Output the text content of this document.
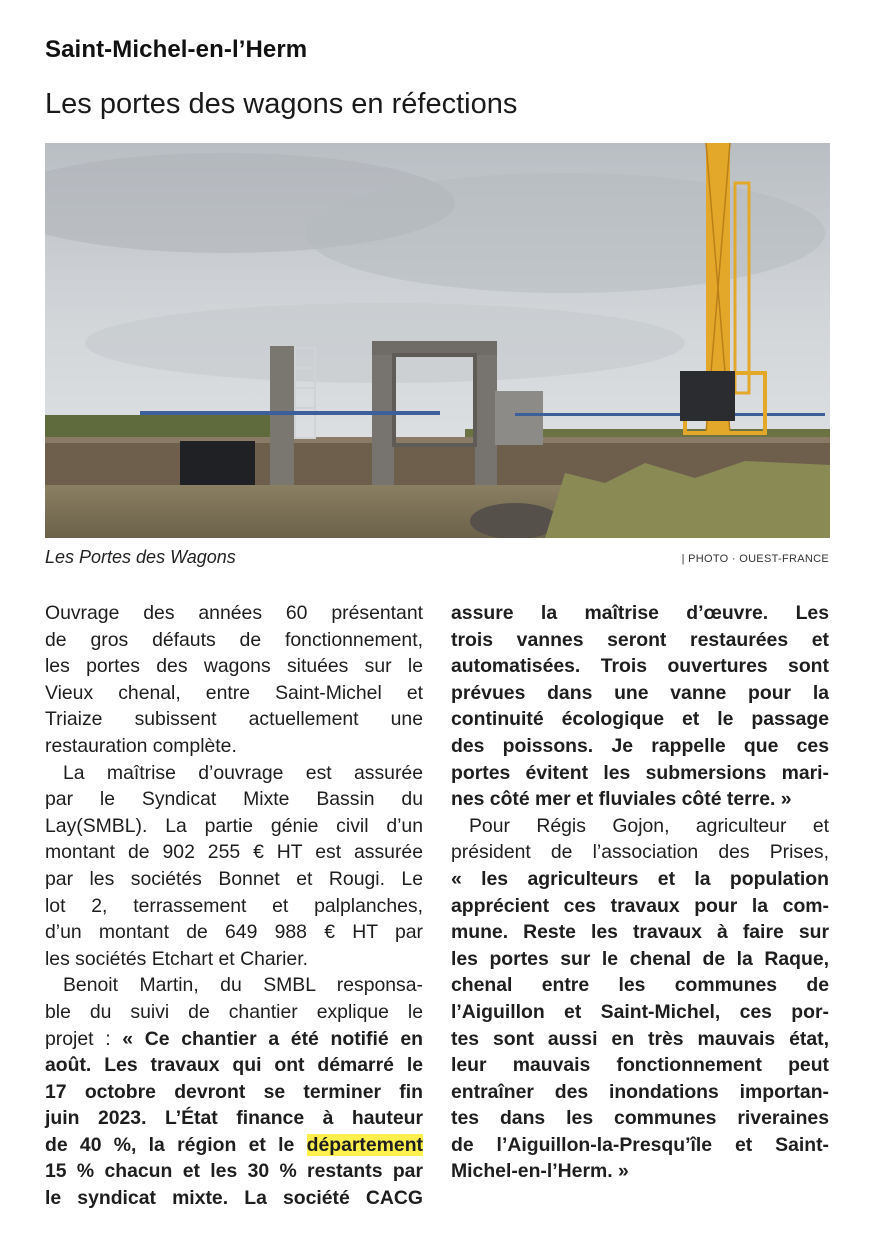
Saint-Michel-en-l’Herm
Les portes des wagons en réfections
Les Portes des Wagons	| PHOTO · OUEST-FRANCE
Ouvrage des années 60 présentant
de gros défauts de fonctionnement,
les portes des wagons situées sur le
Vieux chenal, entre Saint-Michel et
Triaize subissent actuellement une
restauration complète.
La maîtrise d’ouvrage est assurée
par le Syndicat Mixte Bassin du
Lay(SMBL). La partie génie civil d’un
montant de 902 255 € HT est assurée
par les sociétés Bonnet et Rougi. Le
lot 2, terrassement et palplanches,
d’un montant de 649 988 € HT par
les sociétés Etchart et Charier.
Benoit Martin, du SMBL responsa-
ble du suivi de chantier explique le
projet : « Ce chantier a été notifié en
août. Les travaux qui ont démarré le
17 octobre devront se terminer fin
juin 2023. L’État finance à hauteur
de 40 %, la région et le département
15 % chacun et les 30 % restants par
le syndicat mixte. La société CACG
assure la maîtrise d’œuvre. Les
trois vannes seront restaurées et
automatisées. Trois ouvertures sont
prévues dans une vanne pour la
continuité écologique et le passage
des poissons. Je rappelle que ces
portes évitent les submersions mari-
nes côté mer et fluviales côté terre. »
Pour Régis Gojon, agriculteur et
président de l’association des Prises,
« les agriculteurs et la population
apprécient ces travaux pour la com-
mune. Reste les travaux à faire sur
les portes sur le chenal de la Raque,
chenal entre les communes de
l’Aiguillon et Saint-Michel, ces por-
tes sont aussi en très mauvais état,
leur mauvais fonctionnement peut
entraîner des inondations importan-
tes dans les communes riveraines
de l’Aiguillon-la-Presqu’île et Saint-
Michel-en-l’Herm. »
